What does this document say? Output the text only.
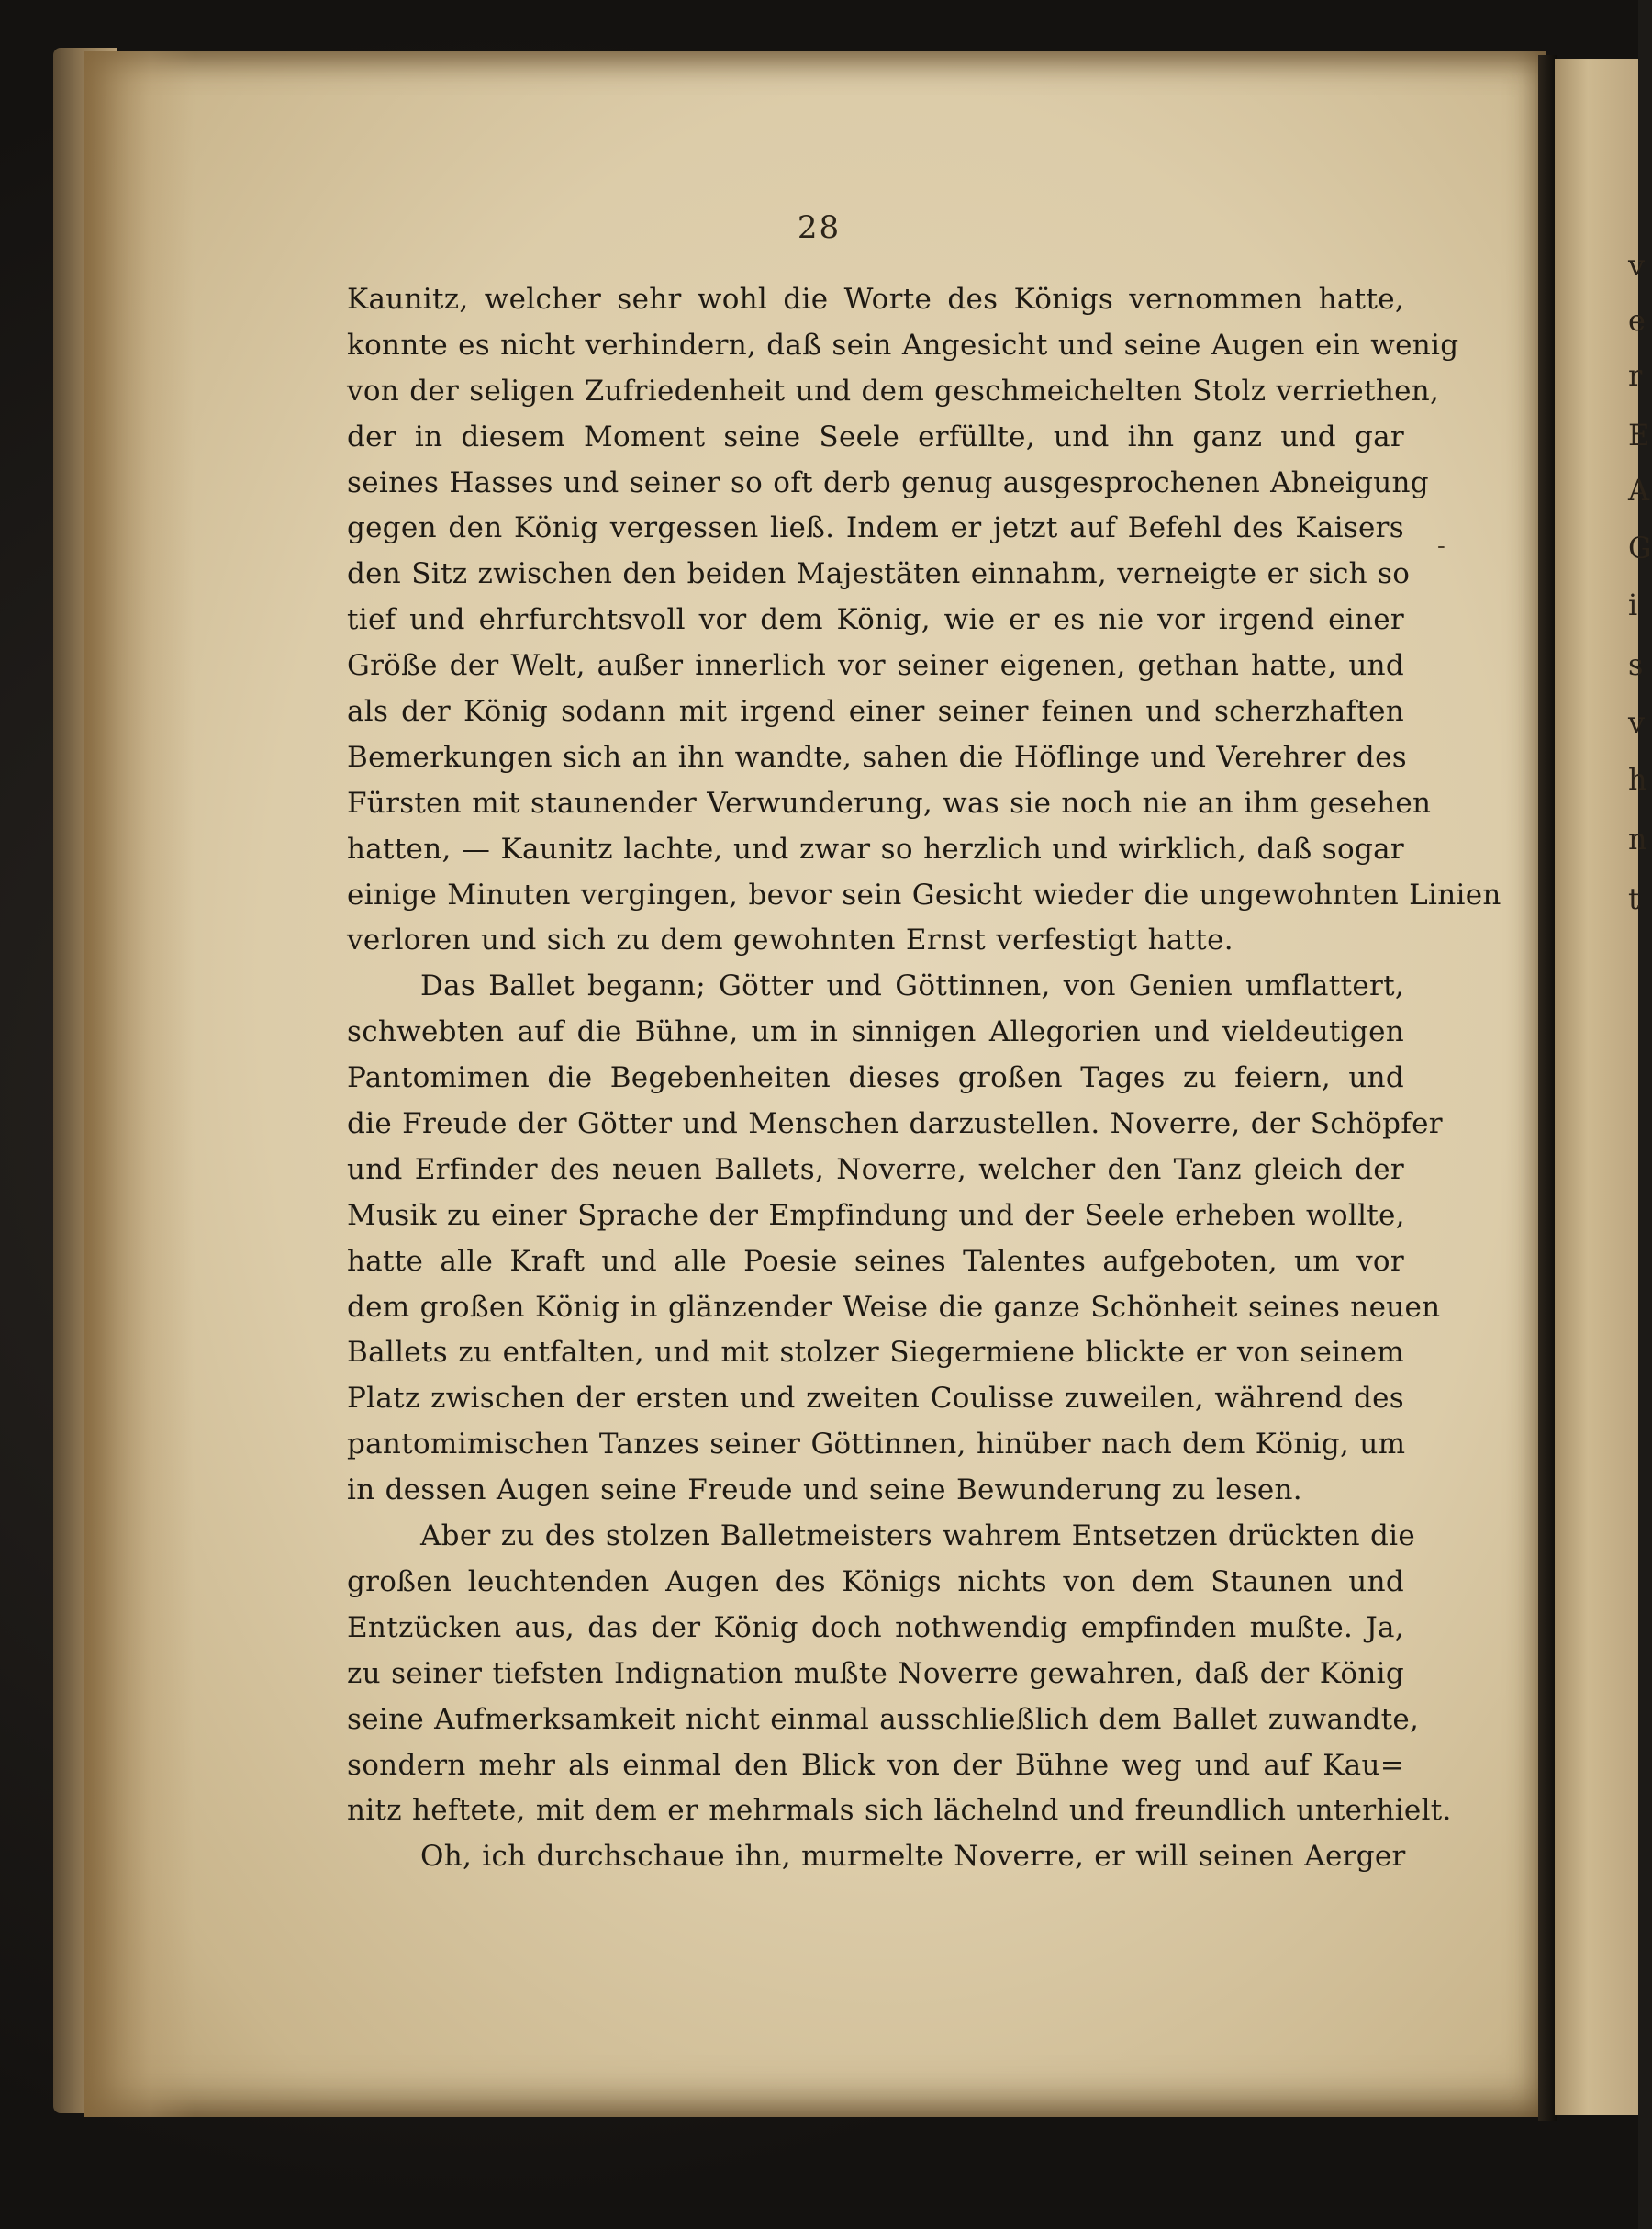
v
e
r
E
A
G
i
s
v
h
n
t
28
-
Kaunitz, welcher sehr wohl die Worte des Königs vernommen hatte,
konnte es nicht verhindern, daß sein Angesicht und seine Augen ein wenig
von der seligen Zufriedenheit und dem geschmeichelten Stolz verriethen,
der in diesem Moment seine Seele erfüllte, und ihn ganz und gar
seines Hasses und seiner so oft derb genug ausgesprochenen Abneigung
gegen den König vergessen ließ. Indem er jetzt auf Befehl des Kaisers
den Sitz zwischen den beiden Majestäten einnahm, verneigte er sich so
tief und ehrfurchtsvoll vor dem König, wie er es nie vor irgend einer
Größe der Welt, außer innerlich vor seiner eigenen, gethan hatte, und
als der König sodann mit irgend einer seiner feinen und scherzhaften
Bemerkungen sich an ihn wandte, sahen die Höflinge und Verehrer des
Fürsten mit staunender Verwunderung, was sie noch nie an ihm gesehen
hatten, — Kaunitz lachte, und zwar so herzlich und wirklich, daß sogar
einige Minuten vergingen, bevor sein Gesicht wieder die ungewohnten Linien
verloren und sich zu dem gewohnten Ernst verfestigt hatte.
Das Ballet begann; Götter und Göttinnen, von Genien umflattert,
schwebten auf die Bühne, um in sinnigen Allegorien und vieldeutigen
Pantomimen die Begebenheiten dieses großen Tages zu feiern, und
die Freude der Götter und Menschen darzustellen. Noverre, der Schöpfer
und Erfinder des neuen Ballets, Noverre, welcher den Tanz gleich der
Musik zu einer Sprache der Empfindung und der Seele erheben wollte,
hatte alle Kraft und alle Poesie seines Talentes aufgeboten, um vor
dem großen König in glänzender Weise die ganze Schönheit seines neuen
Ballets zu entfalten, und mit stolzer Siegermiene blickte er von seinem
Platz zwischen der ersten und zweiten Coulisse zuweilen, während des
pantomimischen Tanzes seiner Göttinnen, hinüber nach dem König, um
in dessen Augen seine Freude und seine Bewunderung zu lesen.
Aber zu des stolzen Balletmeisters wahrem Entsetzen drückten die
großen leuchtenden Augen des Königs nichts von dem Staunen und
Entzücken aus, das der König doch nothwendig empfinden mußte. Ja,
zu seiner tiefsten Indignation mußte Noverre gewahren, daß der König
seine Aufmerksamkeit nicht einmal ausschließlich dem Ballet zuwandte,
sondern mehr als einmal den Blick von der Bühne weg und auf Kau=
nitz heftete, mit dem er mehrmals sich lächelnd und freundlich unterhielt.
Oh, ich durchschaue ihn, murmelte Noverre, er will seinen Aerger
